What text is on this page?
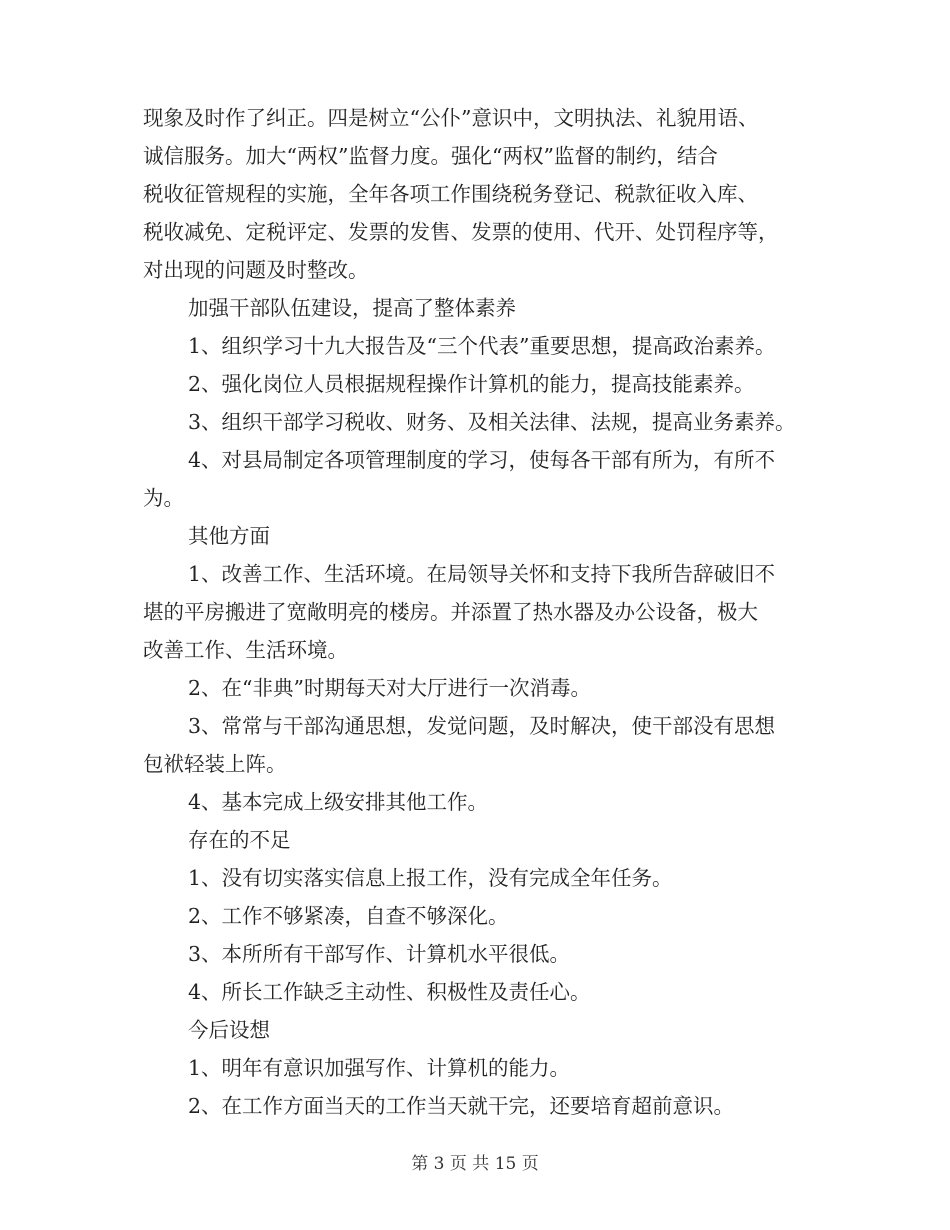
现象及时作了纠正。四是树立“公仆”意识中，文明执法、礼貌用语、
诚信服务。加大“两权”监督力度。强化“两权”监督的制约，结合
税收征管规程的实施，全年各项工作围绕税务登记、税款征收入库、
税收减免、定税评定、发票的发售、发票的使用、代开、处罚程序等，
对出现的问题及时整改。
加强干部队伍建设，提高了整体素养
1、组织学习十九大报告及“三个代表”重要思想，提高政治素养。
2、强化岗位人员根据规程操作计算机的能力，提高技能素养。
3、组织干部学习税收、财务、及相关法律、法规，提高业务素养。
4、对县局制定各项管理制度的学习，使每各干部有所为，有所不
为。
其他方面
1、改善工作、生活环境。在局领导关怀和支持下我所告辞破旧不
堪的平房搬进了宽敞明亮的楼房。并添置了热水器及办公设备，极大
改善工作、生活环境。
2、在“非典”时期每天对大厅进行一次消毒。
3、常常与干部沟通思想，发觉问题，及时解决，使干部没有思想
包袱轻装上阵。
4、基本完成上级安排其他工作。
存在的不足
1、没有切实落实信息上报工作，没有完成全年任务。
2、工作不够紧凑，自查不够深化。
3、本所所有干部写作、计算机水平很低。
4、所长工作缺乏主动性、积极性及责任心。
今后设想
1、明年有意识加强写作、计算机的能力。
2、在工作方面当天的工作当天就干完，还要培育超前意识。
第 3 页 共 15 页
